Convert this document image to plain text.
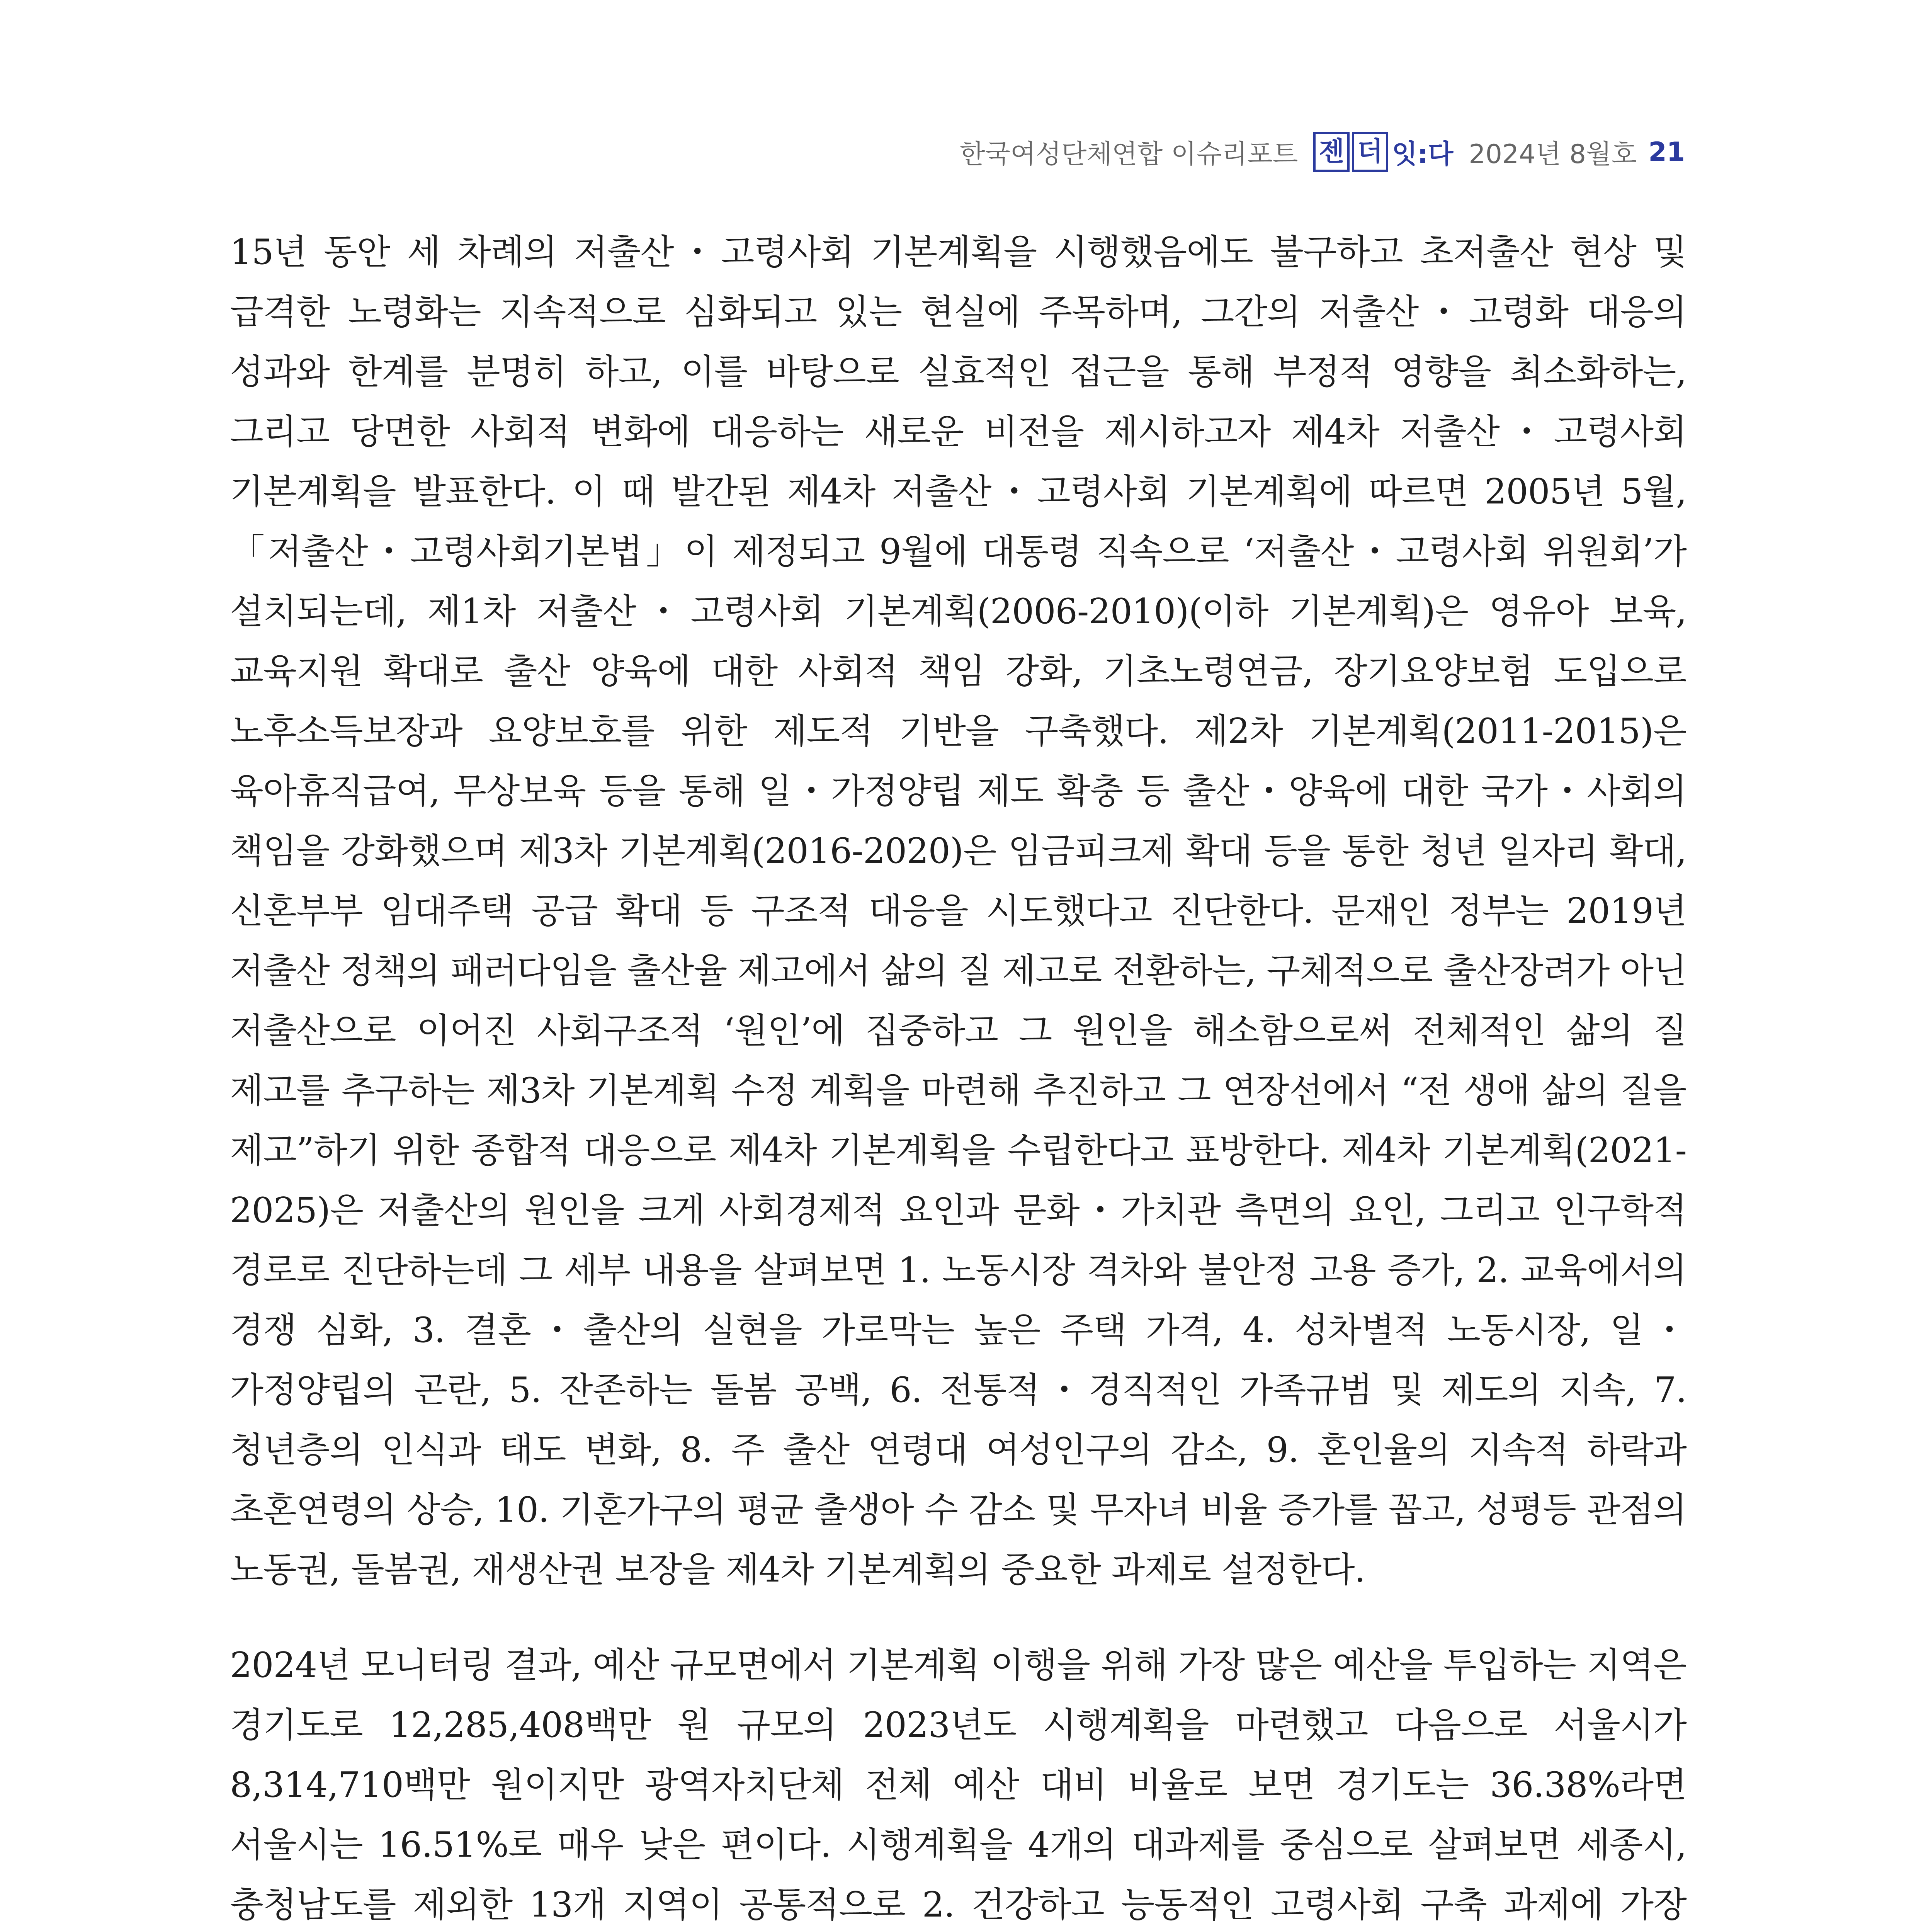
한국여성단체연합 이슈리포트 젠 더 잇:다 2024년 8월호 21

15년 동안 세 차례의 저출산・고령사회 기본계획을 시행했음에도 불구하고 초저출산 현상 및 급격한 노령화는 지속적으로 심화되고 있는 현실에 주목하며, 그간의 저출산・고령화 대응의 성과와 한계를 분명히 하고, 이를 바탕으로 실효적인 접근을 통해 부정적 영향을 최소화하는, 그리고 당면한 사회적 변화에 대응하는 새로운 비전을 제시하고자 제4차 저출산・고령사회 기본계획을 발표한다. 이 때 발간된 제4차 저출산・고령사회 기본계획에 따르면 2005년 5월,「저출산・고령사회기본법」이 제정되고 9월에 대통령 직속으로 ‘저출산・고령사회 위원회’가 설치되는데, 제1차 저출산・고령사회 기본계획(2006-2010)(이하 기본계획)은 영유아 보육, 교육지원 확대로 출산 양육에 대한 사회적 책임 강화, 기초노령연금, 장기요양보험 도입으로 노후소득보장과 요양보호를 위한 제도적 기반을 구축했다. 제2차 기본계획(2011-2015)은 육아휴직급여, 무상보육 등을 통해 일・가정양립 제도 확충 등 출산・양육에 대한 국가・사회의 책임을 강화했으며 제3차 기본계획(2016-2020)은 임금피크제 확대 등을 통한 청년 일자리 확대, 신혼부부 임대주택 공급 확대 등 구조적 대응을 시도했다고 진단한다. 문재인 정부는 2019년 저출산 정책의 패러다임을 출산율 제고에서 삶의 질 제고로 전환하는, 구체적으로 출산장려가 아닌 저출산으로 이어진 사회구조적 ‘원인’에 집중하고 그 원인을 해소함으로써 전체적인 삶의 질 제고를 추구하는 제3차 기본계획 수정 계획을 마련해 추진하고 그 연장선에서 “전 생애 삶의 질을 제고”하기 위한 종합적 대응으로 제4차 기본계획을 수립한다고 표방한다. 제4차 기본계획(2021-2025)은 저출산의 원인을 크게 사회경제적 요인과 문화・가치관 측면의 요인, 그리고 인구학적 경로로 진단하는데 그 세부 내용을 살펴보면 1. 노동시장 격차와 불안정 고용 증가, 2. 교육에서의 경쟁 심화, 3. 결혼・출산의 실현을 가로막는 높은 주택 가격, 4. 성차별적 노동시장, 일・가정양립의 곤란, 5. 잔존하는 돌봄 공백, 6. 전통적・경직적인 가족규범 및 제도의 지속, 7. 청년층의 인식과 태도 변화, 8. 주 출산 연령대 여성인구의 감소, 9. 혼인율의 지속적 하락과 초혼연령의 상승, 10. 기혼가구의 평균 출생아 수 감소 및 무자녀 비율 증가를 꼽고, 성평등 관점의 노동권, 돌봄권, 재생산권 보장을 제4차 기본계획의 중요한 과제로 설정한다.

2024년 모니터링 결과, 예산 규모면에서 기본계획 이행을 위해 가장 많은 예산을 투입하는 지역은 경기도로 12,285,408백만 원 규모의 2023년도 시행계획을 마련했고 다음으로 서울시가 8,314,710백만 원이지만 광역자치단체 전체 예산 대비 비율로 보면 경기도는 36.38%라면 서울시는 16.51%로 매우 낮은 편이다. 시행계획을 4개의 대과제를 중심으로 살펴보면 세종시, 충청남도를 제외한 13개 지역이 공통적으로 2. 건강하고 능동적인 고령사회 구축 과제에 가장
